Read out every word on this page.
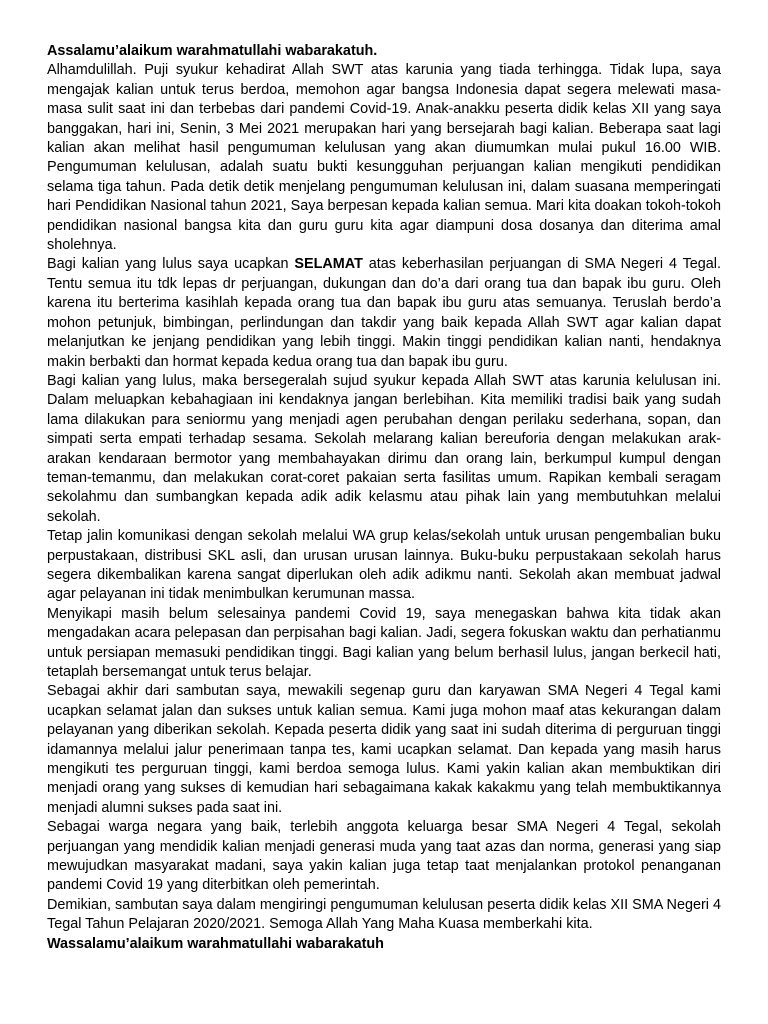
Assalamu’alaikum warahmatullahi wabarakatuh.

Alhamdulillah. Puji syukur kehadirat Allah SWT atas karunia yang tiada terhingga. Tidak lupa, saya mengajak kalian untuk terus berdoa, memohon agar bangsa Indonesia dapat segera melewati masa-masa sulit saat ini dan terbebas dari pandemi Covid-19. Anak-anakku peserta didik kelas XII yang saya banggakan, hari ini, Senin, 3 Mei 2021 merupakan hari yang bersejarah bagi kalian. Beberapa saat lagi kalian akan melihat hasil pengumuman kelulusan yang akan diumumkan mulai pukul 16.00 WIB. Pengumuman kelulusan, adalah suatu bukti kesungguhan perjuangan kalian mengikuti pendidikan selama tiga tahun. Pada detik detik menjelang pengumuman kelulusan ini, dalam suasana memperingati hari Pendidikan Nasional tahun 2021, Saya berpesan kepada kalian semua. Mari kita doakan tokoh-tokoh pendidikan nasional bangsa kita dan guru guru kita agar diampuni dosa dosanya dan diterima amal sholehnya.

Bagi kalian yang lulus saya ucapkan SELAMAT atas keberhasilan perjuangan di SMA Negeri 4 Tegal. Tentu semua itu tdk lepas dr perjuangan, dukungan dan do’a dari orang tua dan bapak ibu guru. Oleh karena itu berterima kasihlah kepada orang tua dan bapak ibu guru atas semuanya. Teruslah berdo’a mohon petunjuk, bimbingan, perlindungan dan takdir yang baik kepada Allah SWT agar kalian dapat melanjutkan ke jenjang pendidikan yang lebih tinggi. Makin tinggi pendidikan kalian nanti, hendaknya makin berbakti dan hormat kepada kedua orang tua dan bapak ibu guru.

Bagi kalian yang lulus, maka bersegeralah sujud syukur kepada Allah SWT atas karunia kelulusan ini. Dalam meluapkan kebahagiaan ini kendaknya jangan berlebihan. Kita memiliki tradisi baik yang sudah lama dilakukan para seniormu yang menjadi agen perubahan dengan perilaku sederhana, sopan, dan simpati serta empati terhadap sesama. Sekolah melarang kalian bereuforia dengan melakukan arak-arakan kendaraan bermotor yang membahayakan dirimu dan orang lain, berkumpul kumpul dengan teman-temanmu, dan melakukan corat-coret pakaian serta fasilitas umum. Rapikan kembali seragam sekolahmu dan sumbangkan kepada adik adik kelasmu atau pihak lain yang membutuhkan melalui sekolah.

Tetap jalin komunikasi dengan sekolah melalui WA grup kelas/sekolah untuk urusan pengembalian buku perpustakaan, distribusi SKL asli, dan urusan urusan lainnya. Buku-buku perpustakaan sekolah harus segera dikembalikan karena sangat diperlukan oleh adik adikmu nanti. Sekolah akan membuat jadwal agar pelayanan ini tidak menimbulkan kerumunan massa.

Menyikapi masih belum selesainya pandemi Covid 19, saya menegaskan bahwa kita tidak akan mengadakan acara pelepasan dan perpisahan bagi kalian. Jadi, segera fokuskan waktu dan perhatianmu untuk persiapan memasuki pendidikan tinggi. Bagi kalian yang belum berhasil lulus, jangan berkecil hati, tetaplah bersemangat untuk terus belajar.

Sebagai akhir dari sambutan saya, mewakili segenap guru dan karyawan SMA Negeri 4 Tegal kami ucapkan selamat jalan dan sukses untuk kalian semua. Kami juga mohon maaf atas kekurangan dalam pelayanan yang diberikan sekolah. Kepada peserta didik yang saat ini sudah diterima di perguruan tinggi idamannya melalui jalur penerimaan tanpa tes, kami ucapkan selamat. Dan kepada yang masih harus mengikuti tes perguruan tinggi, kami berdoa semoga lulus. Kami yakin kalian akan membuktikan diri menjadi orang yang sukses di kemudian hari sebagaimana kakak kakakmu yang telah membuktikannya menjadi alumni sukses pada saat ini.

Sebagai warga negara yang baik, terlebih anggota keluarga besar SMA Negeri 4 Tegal, sekolah perjuangan yang mendidik kalian menjadi generasi muda yang taat azas dan norma, generasi yang siap mewujudkan masyarakat madani, saya yakin kalian juga tetap taat menjalankan protokol penanganan pandemi Covid 19 yang diterbitkan oleh pemerintah.

Demikian, sambutan saya dalam mengiringi pengumuman kelulusan peserta didik kelas XII SMA Negeri 4 Tegal Tahun Pelajaran 2020/2021. Semoga Allah Yang Maha Kuasa memberkahi kita.

Wassalamu’alaikum warahmatullahi wabarakatuh
